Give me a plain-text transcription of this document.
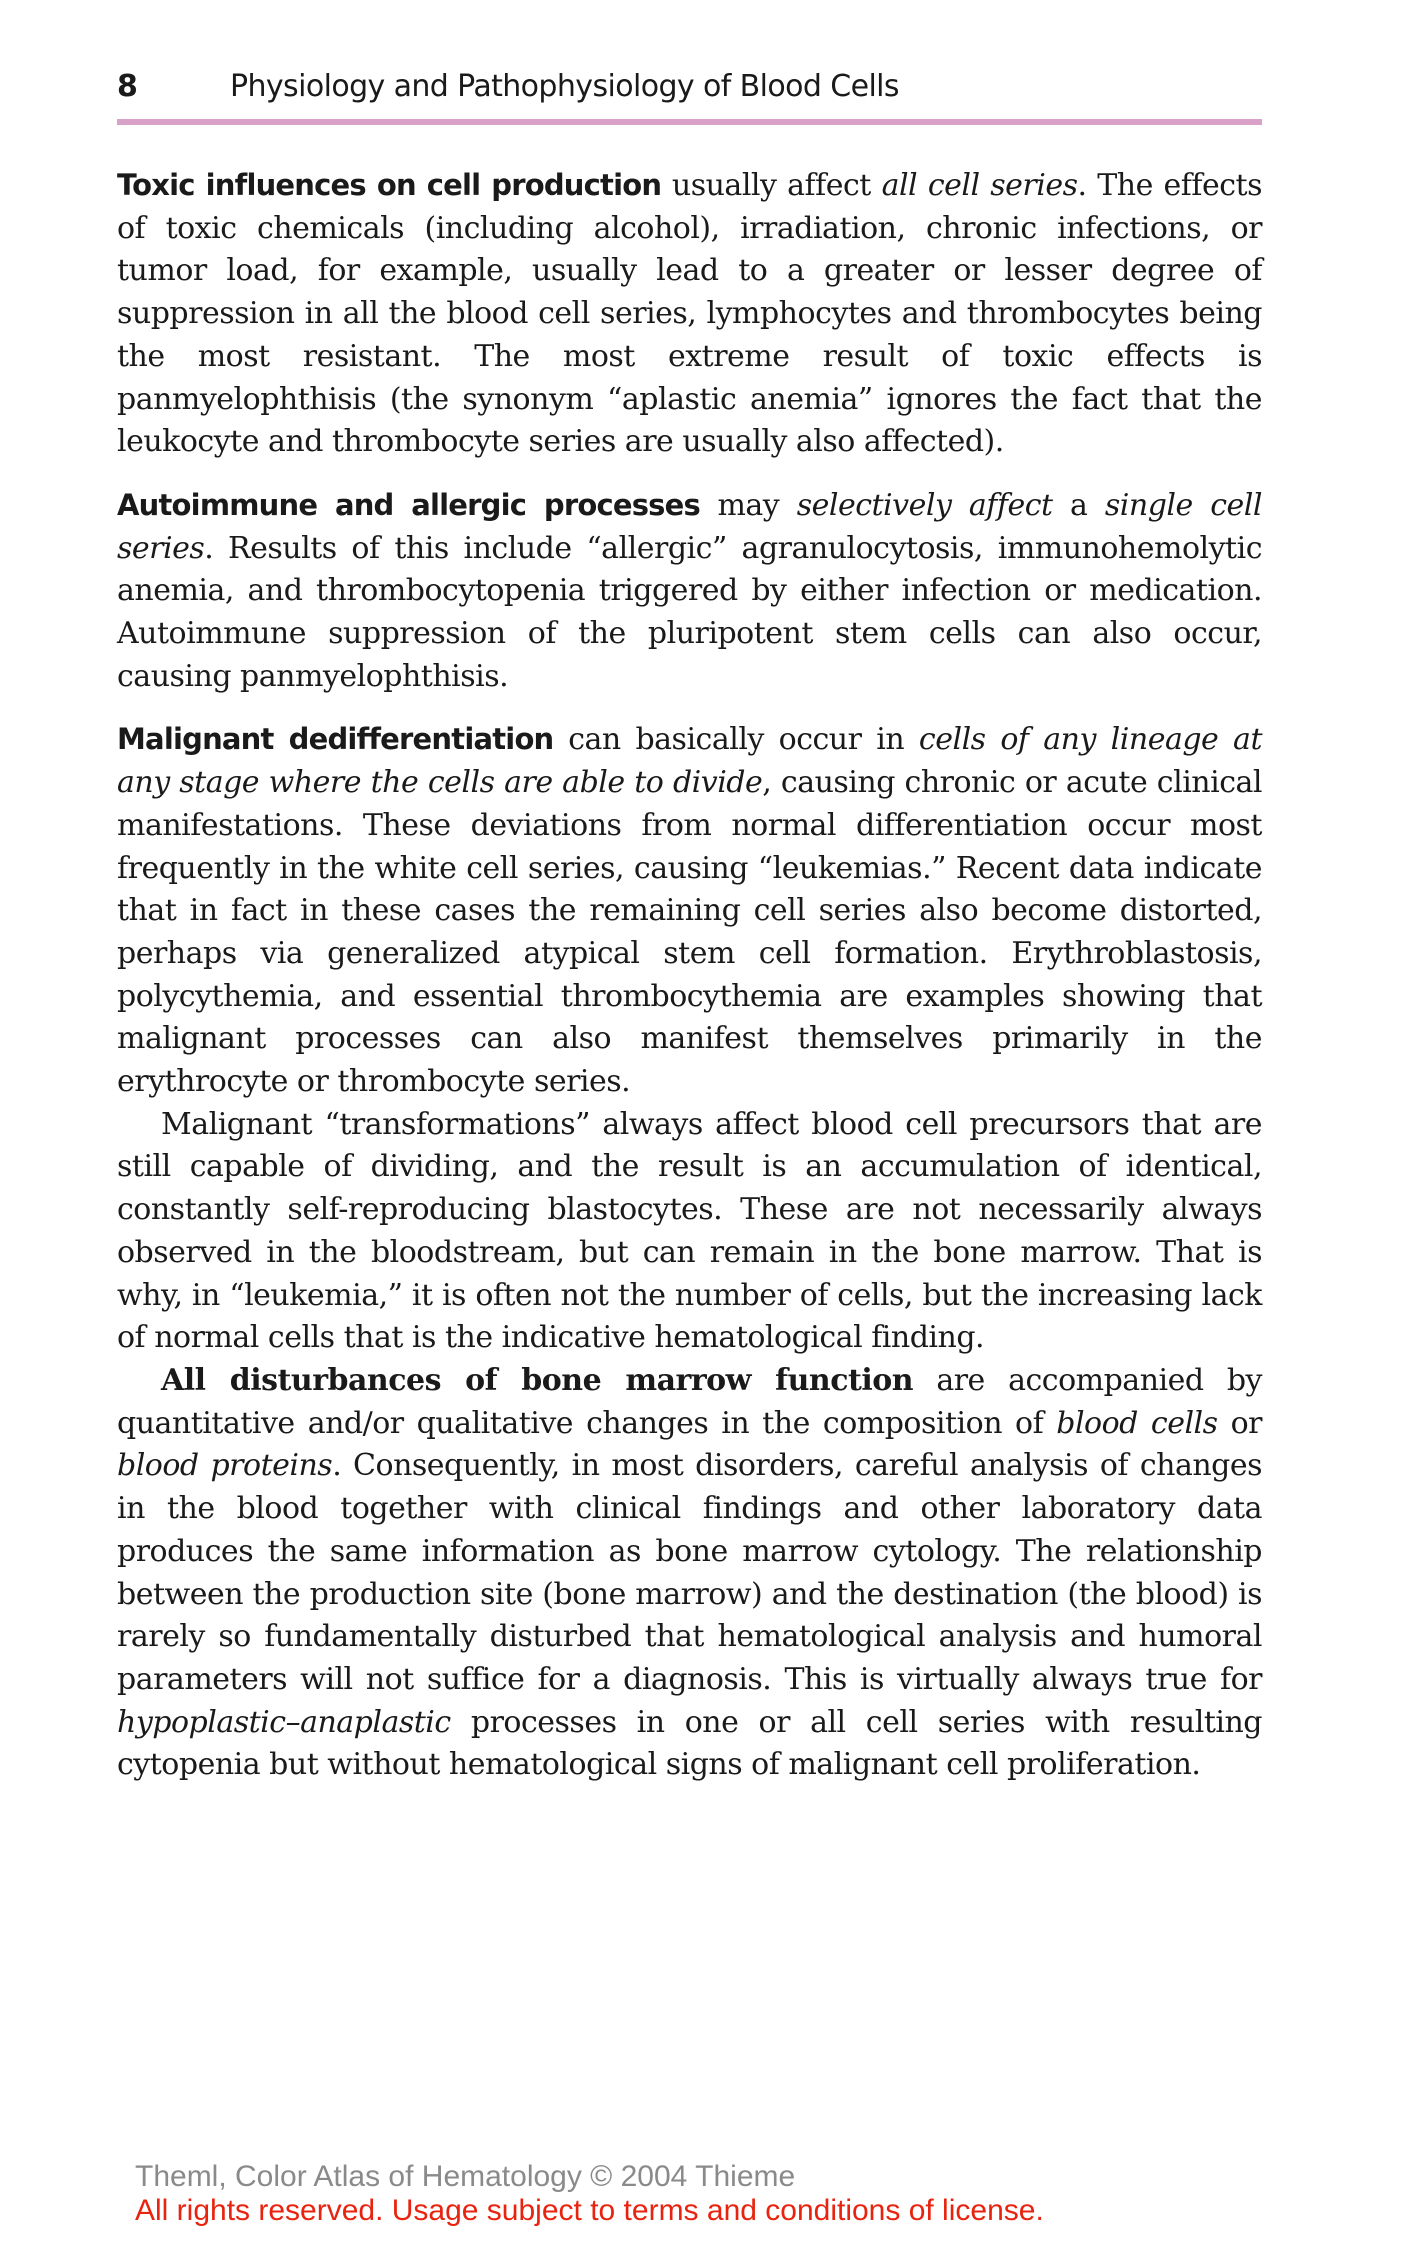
8	Physiology and Pathophysiology of Blood Cells

Toxic influences on cell production usually affect all cell series. The effects of toxic chemicals (including alcohol), irradiation, chronic infections, or tumor load, for example, usually lead to a greater or lesser degree of suppression in all the blood cell series, lymphocytes and thrombocytes being the most resistant. The most extreme result of toxic effects is panmyelophthisis (the synonym “aplastic anemia” ignores the fact that the leukocyte and thrombocyte series are usually also affected).

Autoimmune and allergic processes may selectively affect a single cell series. Results of this include “allergic” agranulocytosis, immunohemolytic anemia, and thrombocytopenia triggered by either infection or medication. Autoimmune suppression of the pluripotent stem cells can also occur, causing panmyelophthisis.

Malignant dedifferentiation can basically occur in cells of any lineage at any stage where the cells are able to divide, causing chronic or acute clinical manifestations. These deviations from normal differentiation occur most frequently in the white cell series, causing “leukemias.” Recent data indicate that in fact in these cases the remaining cell series also become distorted, perhaps via generalized atypical stem cell formation. Erythroblastosis, polycythemia, and essential thrombocythemia are examples showing that malignant processes can also manifest themselves primarily in the erythrocyte or thrombocyte series.

Malignant “transformations” always affect blood cell precursors that are still capable of dividing, and the result is an accumulation of identical, constantly self-reproducing blastocytes. These are not necessarily always observed in the bloodstream, but can remain in the bone marrow. That is why, in “leukemia,” it is often not the number of cells, but the increasing lack of normal cells that is the indicative hematological finding.

All disturbances of bone marrow function are accompanied by quantitative and/or qualitative changes in the composition of blood cells or blood proteins. Consequently, in most disorders, careful analysis of changes in the blood together with clinical findings and other laboratory data produces the same information as bone marrow cytology. The relationship between the production site (bone marrow) and the destination (the blood) is rarely so fundamentally disturbed that hematological analysis and humoral parameters will not suffice for a diagnosis. This is virtually always true for hypoplastic–anaplastic processes in one or all cell series with resulting cytopenia but without hematological signs of malignant cell proliferation.

Theml, Color Atlas of Hematology © 2004 Thieme
All rights reserved. Usage subject to terms and conditions of license.
